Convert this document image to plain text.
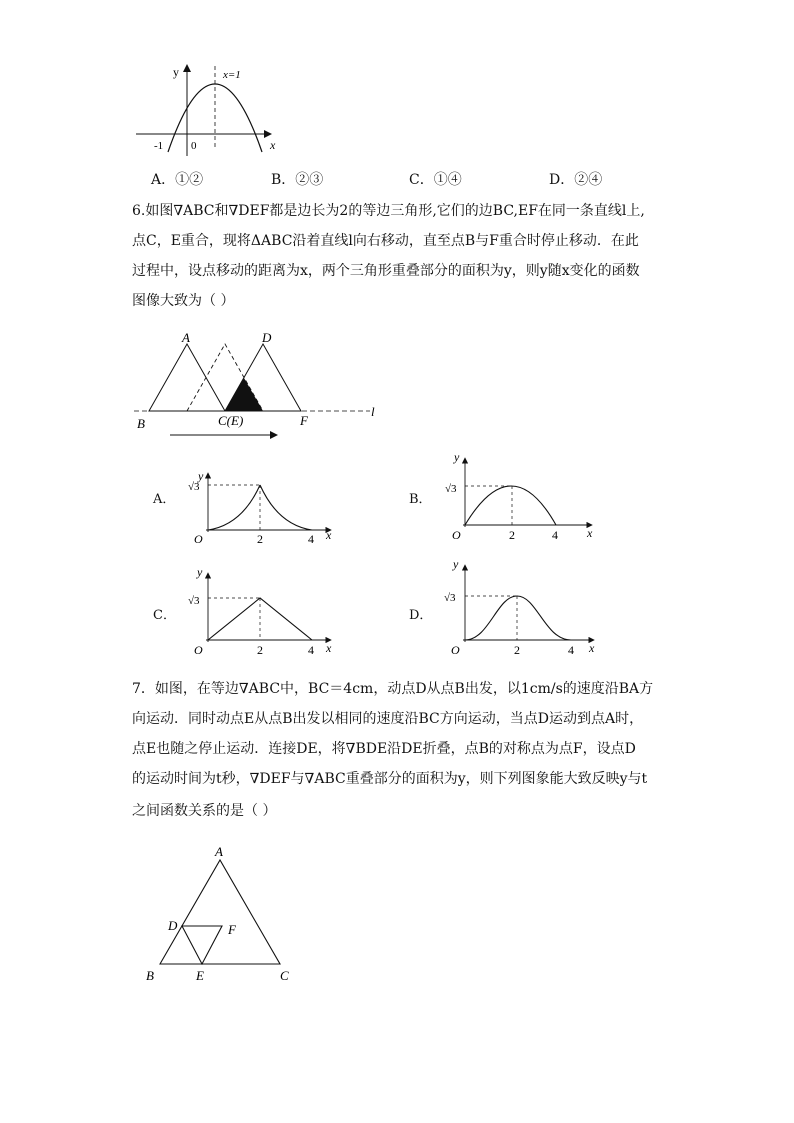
y	x=1
-1	0	x
A．①②	B．②③	C．①④	D．②④
6.如图∇ABC和∇DEF都是边长为2的等边三角形,它们的边BC,EF在同一条直线l上,
点C，E重合，现将ΔABC沿着直线l向右移动，直至点B与F重合时停止移动．在此
过程中，设点移动的距离为x，两个三角形重叠部分的面积为y，则y随x变化的函数
图像大致为（ ）
A	D
B	C(E)	F
l
A．
y
√3
O	2	4 x
B．
y
√3
O	2	4 x
C．
y
√3
O	2	4 x
D．
y
√3
O	2	4 x
7．如图，在等边∇ABC中，BC＝4cm，动点D从点B出发，以1cm/s的速度沿BA方
向运动．同时动点E从点B出发以相同的速度沿BC方向运动，当点D运动到点A时，
点E也随之停止运动．连接DE，将∇BDE沿DE折叠，点B的对称点为点F，设点D
的运动时间为t秒，∇DEF与∇ABC重叠部分的面积为y，则下列图象能大致反映y与t
之间函数关系的是（ ）
A
B	C
D
E
F
